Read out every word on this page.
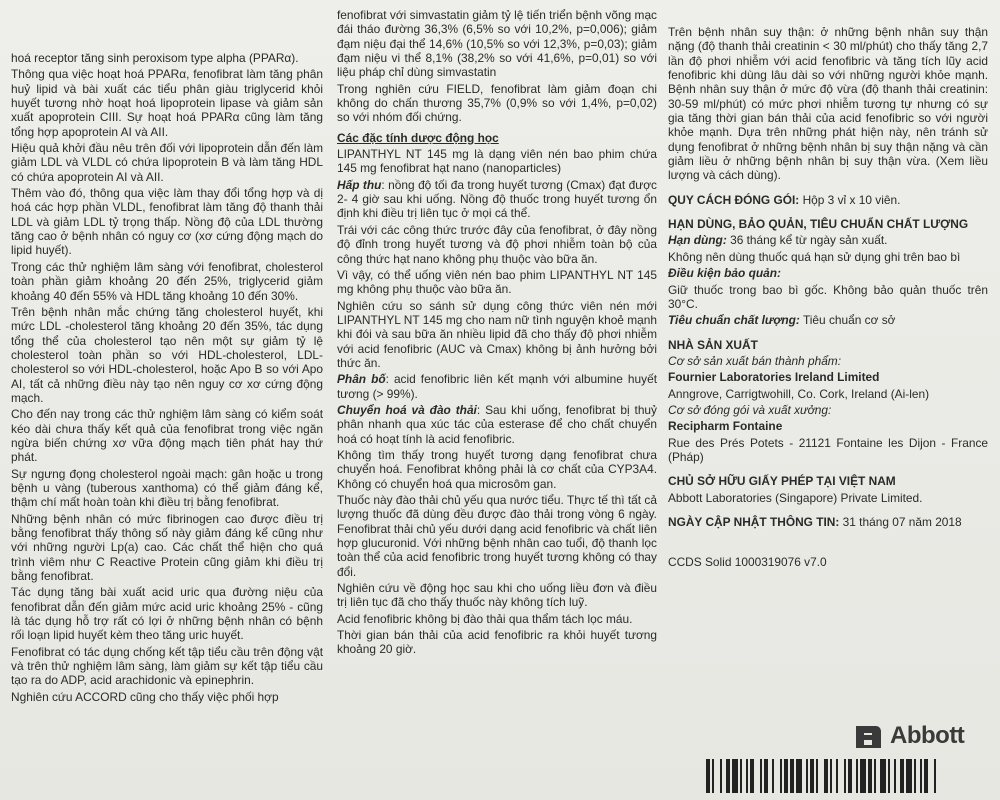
hoá receptor tăng sinh peroxisom type alpha (PPARα).

Thông qua việc hoạt hoá PPARα, fenofibrat làm tăng phân huỷ lipid và bài xuất các tiểu phân giàu triglycerid khỏi huyết tương nhờ hoạt hoá lipoprotein lipase và giảm sản xuất apoprotein CIII. Sự hoạt hoá PPARα cũng làm tăng tổng hợp apoprotein AI và AII.

Hiệu quả khởi đầu nêu trên đối với lipoprotein dẫn đến làm giảm LDL và VLDL có chứa lipoprotein B và làm tăng HDL có chứa apoprotein AI và AII.

Thêm vào đó, thông qua việc làm thay đổi tổng hợp và dị hoá các hợp phần VLDL, fenofibrat làm tăng độ thanh thải LDL và giảm LDL tỷ trọng thấp. Nồng độ của LDL thường tăng cao ở bệnh nhân có nguy cơ (xơ cứng động mạch do lipid huyết).

Trong các thử nghiệm lâm sàng với fenofibrat, cholesterol toàn phần giảm khoảng 20 đến 25%, triglycerid giảm khoảng 40 đến 55% và HDL tăng khoảng 10 đến 30%.

Trên bệnh nhân mắc chứng tăng cholesterol huyết, khi mức LDL -cholesterol tăng khoảng 20 đến 35%, tác dụng tổng thể của cholesterol tạo nên một sự giảm tỷ lệ cholesterol toàn phần so với HDL-cholesterol, LDL-cholesterol so với HDL-cholesterol, hoặc Apo B so với Apo AI, tất cả những điều này tạo nên nguy cơ xơ cứng động mạch.

Cho đến nay trong các thử nghiệm lâm sàng có kiểm soát kéo dài chưa thấy kết quả của fenofibrat trong việc ngăn ngừa biến chứng xơ vữa động mạch tiên phát hay thứ phát.

Sự ngưng đọng cholesterol ngoài mạch: gân hoặc u trong bệnh u vàng (tuberous xanthoma) có thể giảm đáng kể, thậm chí mất hoàn toàn khi điều trị bằng fenofibrat.

Những bệnh nhân có mức fibrinogen cao được điều trị bằng fenofibrat thấy thông số này giảm đáng kể cũng như với những người Lp(a) cao. Các chất thể hiện cho quá trình viêm như C Reactive Protein cũng giảm khi điều trị bằng fenofibrat.

Tác dụng tăng bài xuất acid uric qua đường niệu của fenofibrat dẫn đến giảm mức acid uric khoảng 25% - cũng là tác dụng hỗ trợ rất có lợi ở những bệnh nhân có bệnh rối loạn lipid huyết kèm theo tăng uric huyết.

Fenofibrat có tác dụng chống kết tập tiểu cầu trên động vật và trên thử nghiệm lâm sàng, làm giảm sự kết tập tiểu cầu tạo ra do ADP, acid arachidonic và epinephrin.

Nghiên cứu ACCORD cũng cho thấy việc phối hợp

fenofibrat với simvastatin giảm tỷ lệ tiến triển bệnh võng mạc đái tháo đường 36,3% (6,5% so với 10,2%, p=0,006); giảm đạm niệu đại thể 14,6% (10,5% so với 12,3%, p=0,03); giảm đạm niệu vi thể 8,1% (38,2% so với 41,6%, p=0,01) so với liệu pháp chỉ dùng simvastatin

Trong nghiên cứu FIELD, fenofibrat làm giảm đoạn chi không do chấn thương 35,7% (0,9% so với 1,4%, p=0,02) so với nhóm đối chứng.

Các đặc tính dược động học

LIPANTHYL NT 145 mg là dạng viên nén bao phim chứa 145 mg fenofibrat hạt nano (nanoparticles)

Hấp thu: nồng độ tối đa trong huyết tương (Cmax) đạt được 2- 4 giờ sau khi uống. Nồng độ thuốc trong huyết tương ổn định khi điều trị liên tục ở mọi cá thể.

Trái với các công thức trước đây của fenofibrat, ở đây nồng độ đỉnh trong huyết tương và độ phơi nhiễm toàn bộ của công thức hạt nano không phụ thuộc vào bữa ăn.

Vì vậy, có thể uống viên nén bao phim LIPANTHYL NT 145 mg không phụ thuộc vào bữa ăn.

Nghiên cứu so sánh sử dụng công thức viên nén mới LIPANTHYL NT 145 mg cho nam nữ tình nguyện khoẻ mạnh khi đói và sau bữa ăn nhiều lipid đã cho thấy độ phơi nhiễm với acid fenofibric (AUC và Cmax) không bị ảnh hưởng bởi thức ăn.

Phân bố: acid fenofibric liên kết mạnh với albumine huyết tương (> 99%).

Chuyển hoá và đào thải: Sau khi uống, fenofibrat bị thuỷ phân nhanh qua xúc tác của esterase để cho chất chuyển hoá có hoạt tính là acid fenofibric.

Không tìm thấy trong huyết tương dạng fenofibrat chưa chuyển hoá. Fenofibrat không phải là cơ chất của CYP3A4. Không có chuyển hoá qua microsôm gan.

Thuốc này đào thải chủ yếu qua nước tiểu. Thực tế thì tất cả lượng thuốc đã dùng đều được đào thải trong vòng 6 ngày. Fenofibrat thải chủ yếu dưới dạng acid fenofibric và chất liên hợp glucuronid. Với những bệnh nhân cao tuổi, độ thanh lọc toàn thể của acid fenofibric trong huyết tương không có thay đổi.

Nghiên cứu về động học sau khi cho uống liều đơn và điều trị liên tục đã cho thấy thuốc này không tích luỹ.

Acid fenofibric không bị đào thải qua thẩm tách lọc máu.

Thời gian bán thải của acid fenofibric ra khỏi huyết tương khoảng 20 giờ.

Trên bệnh nhân suy thận: ở những bệnh nhân suy thận nặng (độ thanh thải creatinin < 30 ml/phút) cho thấy tăng 2,7 lần độ phơi nhiễm với acid fenofibric và tăng tích lũy acid fenofibric khi dùng lâu dài so với những người khỏe mạnh. Bệnh nhân suy thận ở mức độ vừa (độ thanh thải creatinin: 30-59 ml/phút) có mức phơi nhiễm tương tự nhưng có sự gia tăng thời gian bán thải của acid fenofibric so với người khỏe mạnh. Dựa trên những phát hiện này, nên tránh sử dụng fenofibrat ở những bệnh nhân bị suy thận nặng và cần giảm liều ở những bệnh nhân bị suy thận vừa. (Xem liều lượng và cách dùng).

QUY CÁCH ĐÓNG GÓI: Hộp 3 vỉ x 10 viên.

HẠN DÙNG, BẢO QUẢN, TIÊU CHUẨN CHẤT LƯỢNG

Hạn dùng: 36 tháng kể từ ngày sản xuất.

Không nên dùng thuốc quá hạn sử dụng ghi trên bao bì

Điều kiện bảo quản:

Giữ thuốc trong bao bì gốc. Không bảo quản thuốc trên 30°C.

Tiêu chuẩn chất lượng: Tiêu chuẩn cơ sở

NHÀ SẢN XUẤT

Cơ sở sản xuất bán thành phẩm:

Fournier Laboratories Ireland Limited

Anngrove, Carrigtwohill, Co. Cork, Ireland (Ai-len)

Cơ sở đóng gói và xuất xưởng:

Recipharm Fontaine

Rue des Prés Potets - 21121 Fontaine les Dijon - France (Pháp)

CHỦ SỞ HỮU GIẤY PHÉP TẠI VIỆT NAM

Abbott Laboratories (Singapore) Private Limited.

NGÀY CẬP NHẬT THÔNG TIN: 31 tháng 07 năm 2018

CCDS Solid 1000319076 v7.0

Abbott
